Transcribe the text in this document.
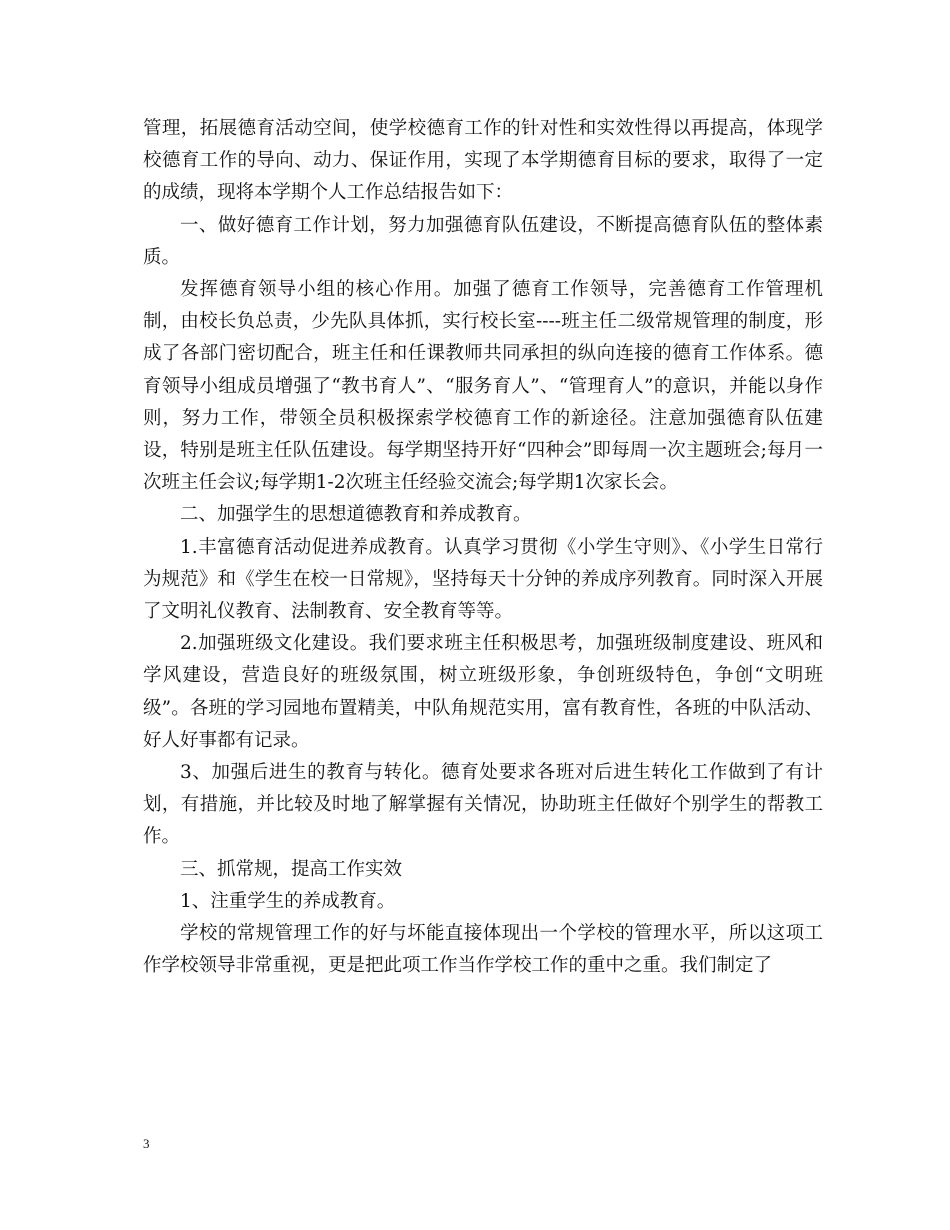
管理，拓展德育活动空间，使学校德育工作的针对性和实效性得以再提高，体现学校德育工作的导向、动力、保证作用，实现了本学期德育目标的要求，取得了一定的成绩，现将本学期个人工作总结报告如下：

一、做好德育工作计划，努力加强德育队伍建设，不断提高德育队伍的整体素质。

发挥德育领导小组的核心作用。加强了德育工作领导，完善德育工作管理机制，由校长负总责，少先队具体抓，实行校长室----班主任二级常规管理的制度，形成了各部门密切配合，班主任和任课教师共同承担的纵向连接的德育工作体系。德育领导小组成员增强了“教书育人”、“服务育人”、“管理育人”的意识，并能以身作则，努力工作，带领全员积极探索学校德育工作的新途径。注意加强德育队伍建设，特别是班主任队伍建设。每学期坚持开好“四种会”即每周一次主题班会;每月一次班主任会议;每学期1-2次班主任经验交流会;每学期1次家长会。

二、加强学生的思想道德教育和养成教育。

1.丰富德育活动促进养成教育。认真学习贯彻《小学生守则》、《小学生日常行为规范》和《学生在校一日常规》，坚持每天十分钟的养成序列教育。同时深入开展了文明礼仪教育、法制教育、安全教育等等。

2.加强班级文化建设。我们要求班主任积极思考，加强班级制度建设、班风和学风建设，营造良好的班级氛围，树立班级形象，争创班级特色，争创“文明班级”。各班的学习园地布置精美，中队角规范实用，富有教育性，各班的中队活动、好人好事都有记录。

3、加强后进生的教育与转化。德育处要求各班对后进生转化工作做到了有计划，有措施，并比较及时地了解掌握有关情况，协助班主任做好个别学生的帮教工作。

三、抓常规，提高工作实效

1、注重学生的养成教育。

学校的常规管理工作的好与坏能直接体现出一个学校的管理水平，所以这项工作学校领导非常重视，更是把此项工作当作学校工作的重中之重。我们制定了

3
